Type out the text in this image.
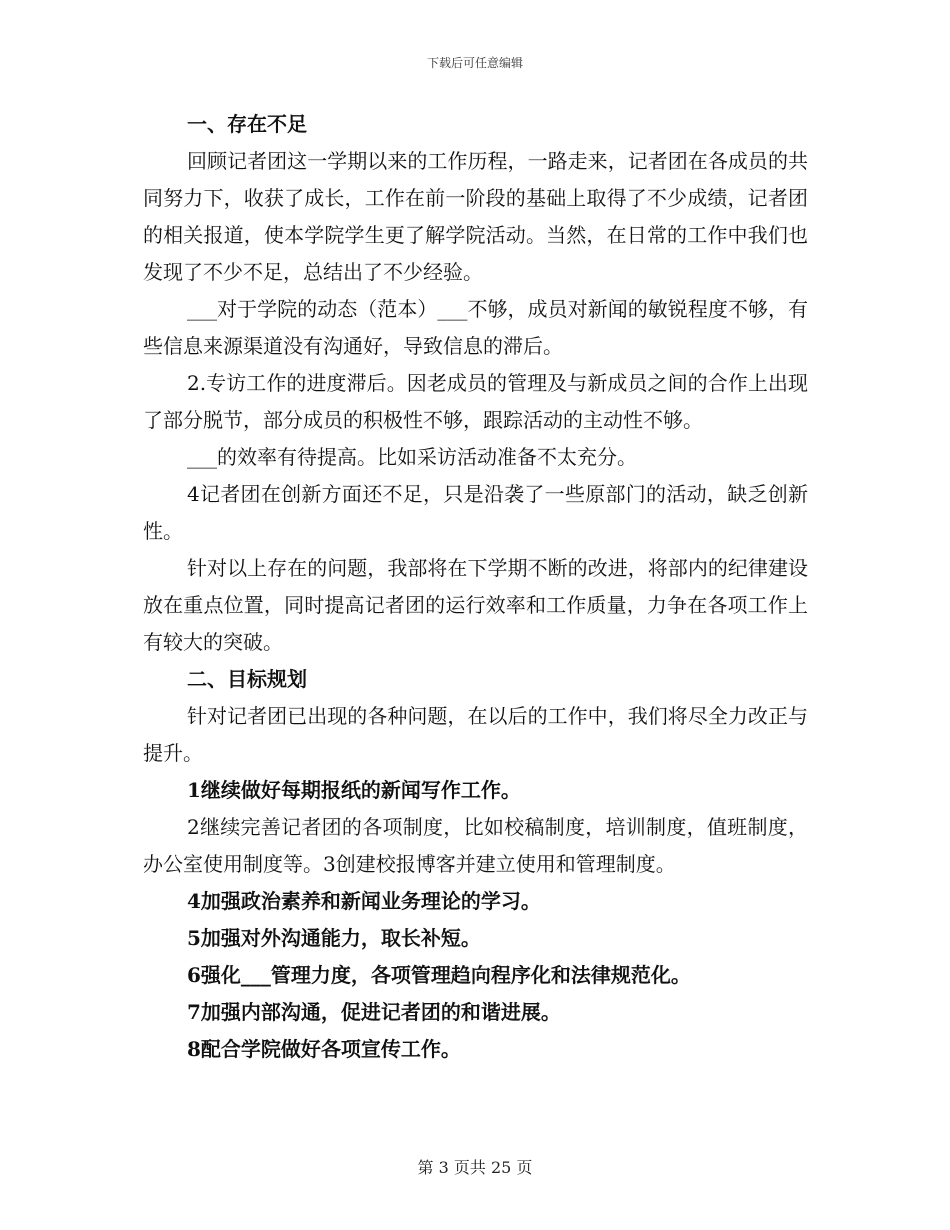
下载后可任意编辑

一、存在不足

回顾记者团这一学期以来的工作历程，一路走来，记者团在各成员的共同努力下，收获了成长，工作在前一阶段的基础上取得了不少成绩，记者团的相关报道，使本学院学生更了解学院活动。当然，在日常的工作中我们也发现了不少不足，总结出了不少经验。

___对于学院的动态（范本）___不够，成员对新闻的敏锐程度不够，有些信息来源渠道没有沟通好，导致信息的滞后。

2.专访工作的进度滞后。因老成员的管理及与新成员之间的合作上出现了部分脱节，部分成员的积极性不够，跟踪活动的主动性不够。

___的效率有待提高。比如采访活动准备不太充分。

4记者团在创新方面还不足，只是沿袭了一些原部门的活动，缺乏创新性。

针对以上存在的问题，我部将在下学期不断的改进，将部内的纪律建设放在重点位置，同时提高记者团的运行效率和工作质量，力争在各项工作上有较大的突破。

二、目标规划

针对记者团已出现的各种问题，在以后的工作中，我们将尽全力改正与提升。

1继续做好每期报纸的新闻写作工作。

2继续完善记者团的各项制度，比如校稿制度，培训制度，值班制度，办公室使用制度等。3创建校报博客并建立使用和管理制度。

4加强政治素养和新闻业务理论的学习。

5加强对外沟通能力，取长补短。

6强化___管理力度，各项管理趋向程序化和法律规范化。

7加强内部沟通，促进记者团的和谐进展。

8配合学院做好各项宣传工作。

第 3 页共 25 页
